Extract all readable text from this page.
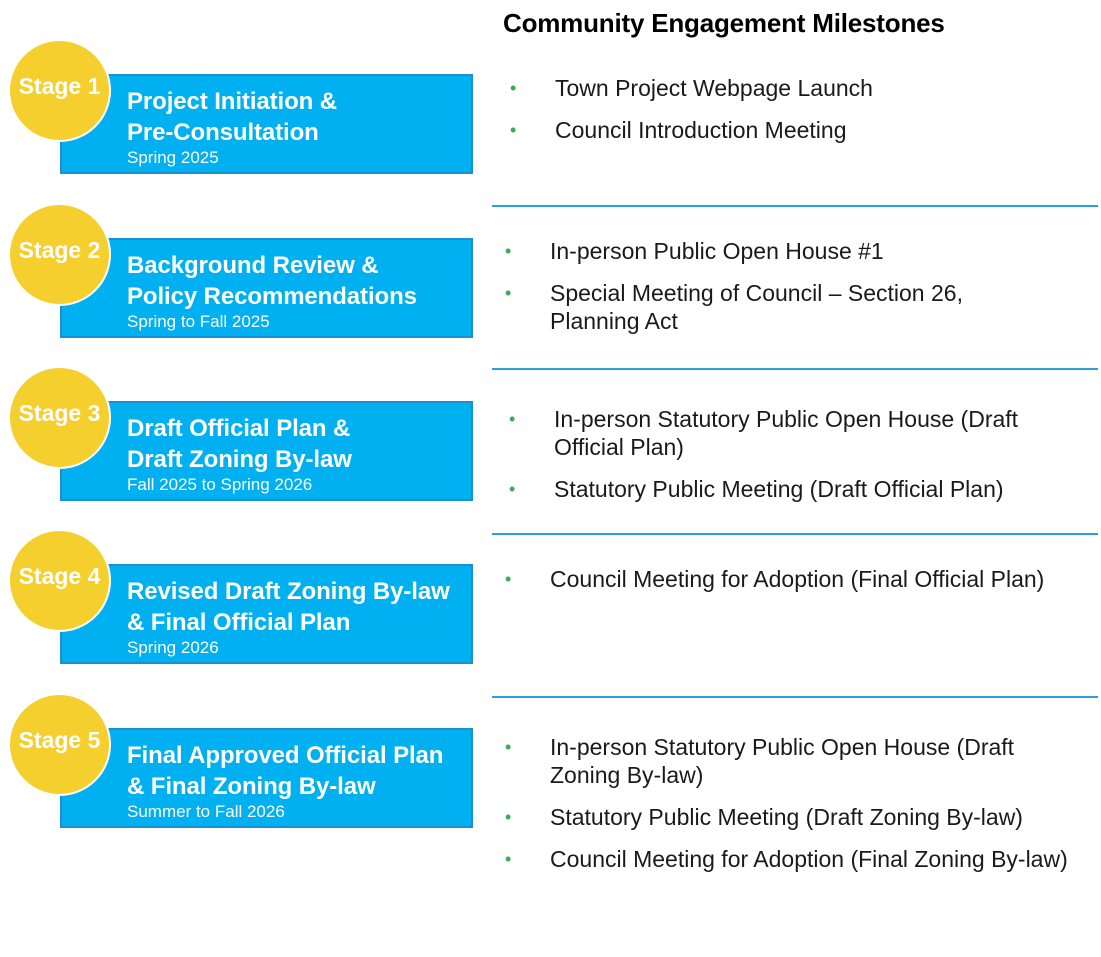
Community Engagement Milestones
Project Initiation &
Pre-Consultation
Spring 2025
Stage 1	• Town Project Webpage Launch
• Council Introduction Meeting
Background Review &
Policy Recommendations
Spring to Fall 2025
Stage 2	• In-person Public Open House #1
• Special Meeting of Council – Section 26, Planning Act
Draft Official Plan &
Draft Zoning By-law
Fall 2025 to Spring 2026
Stage 3	• In-person Statutory Public Open House (Draft Official Plan)
• Statutory Public Meeting (Draft Official Plan)
Revised Draft Zoning By-law
& Final Official Plan
Spring 2026
Stage 4	• Council Meeting for Adoption (Final Official Plan)
Final Approved Official Plan
& Final Zoning By-law
Summer to Fall 2026
Stage 5	• In-person Statutory Public Open House (Draft Zoning By-law)
• Statutory Public Meeting (Draft Zoning By-law)
• Council Meeting for Adoption (Final Zoning By-law)
